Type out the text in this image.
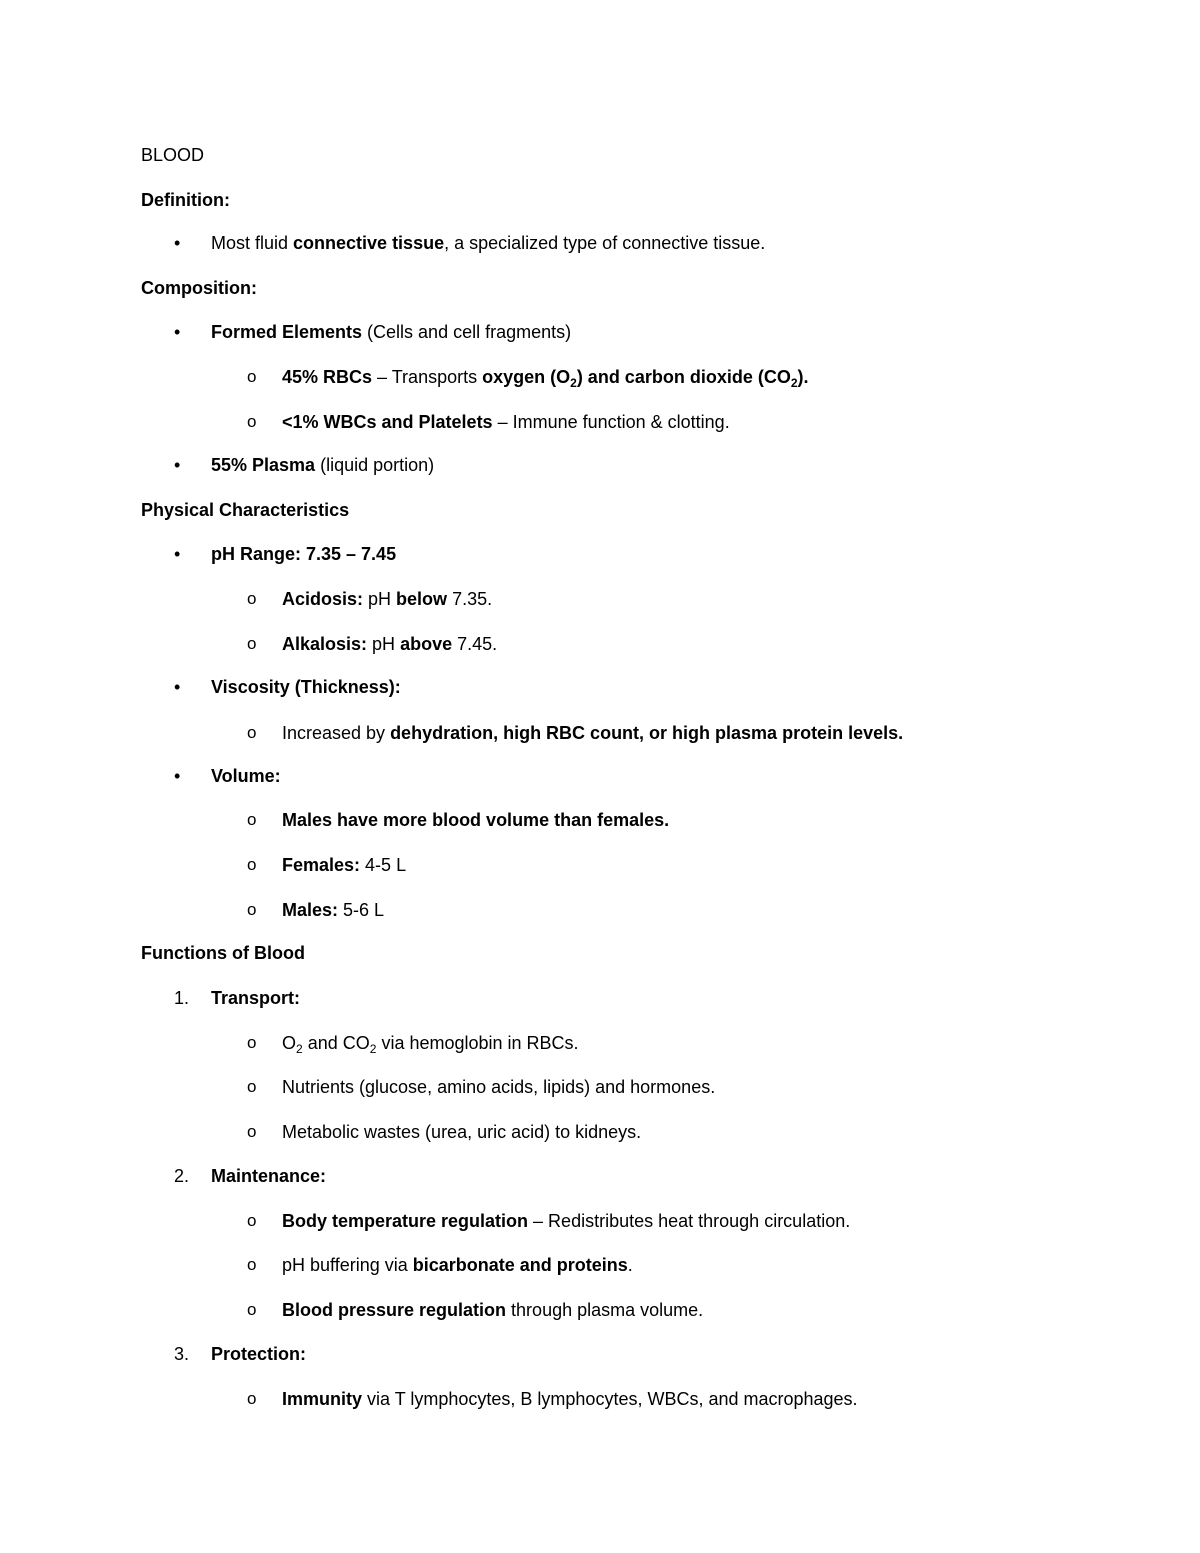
BLOOD
Definition:
• Most fluid connective tissue, a specialized type of connective tissue.
Composition:
• Formed Elements (Cells and cell fragments)
o 45% RBCs – Transports oxygen $(O_2)$ and carbon dioxide $(CO_2)$.
o <1% WBCs and Platelets – Immune function & clotting.
• 55% Plasma (liquid portion)
Physical Characteristics
• pH Range: 7.35 – 7.45
o Acidosis: pH below 7.35.
o Alkalosis: pH above 7.45.
• Viscosity (Thickness):
o Increased by dehydration, high RBC count, or high plasma protein levels.
• Volume:
o Males have more blood volume than females.
o Females: 4-5 L
o Males: 5-6 L
Functions of Blood
1. Transport:
o $O_2$ and $CO_2$ via hemoglobin in RBCs.
o Nutrients (glucose, amino acids, lipids) and hormones.
o Metabolic wastes (urea, uric acid) to kidneys.
2. Maintenance:
o Body temperature regulation – Redistributes heat through circulation.
o pH buffering via bicarbonate and proteins.
o Blood pressure regulation through plasma volume.
3. Protection:
o Immunity via T lymphocytes, B lymphocytes, WBCs, and macrophages.
